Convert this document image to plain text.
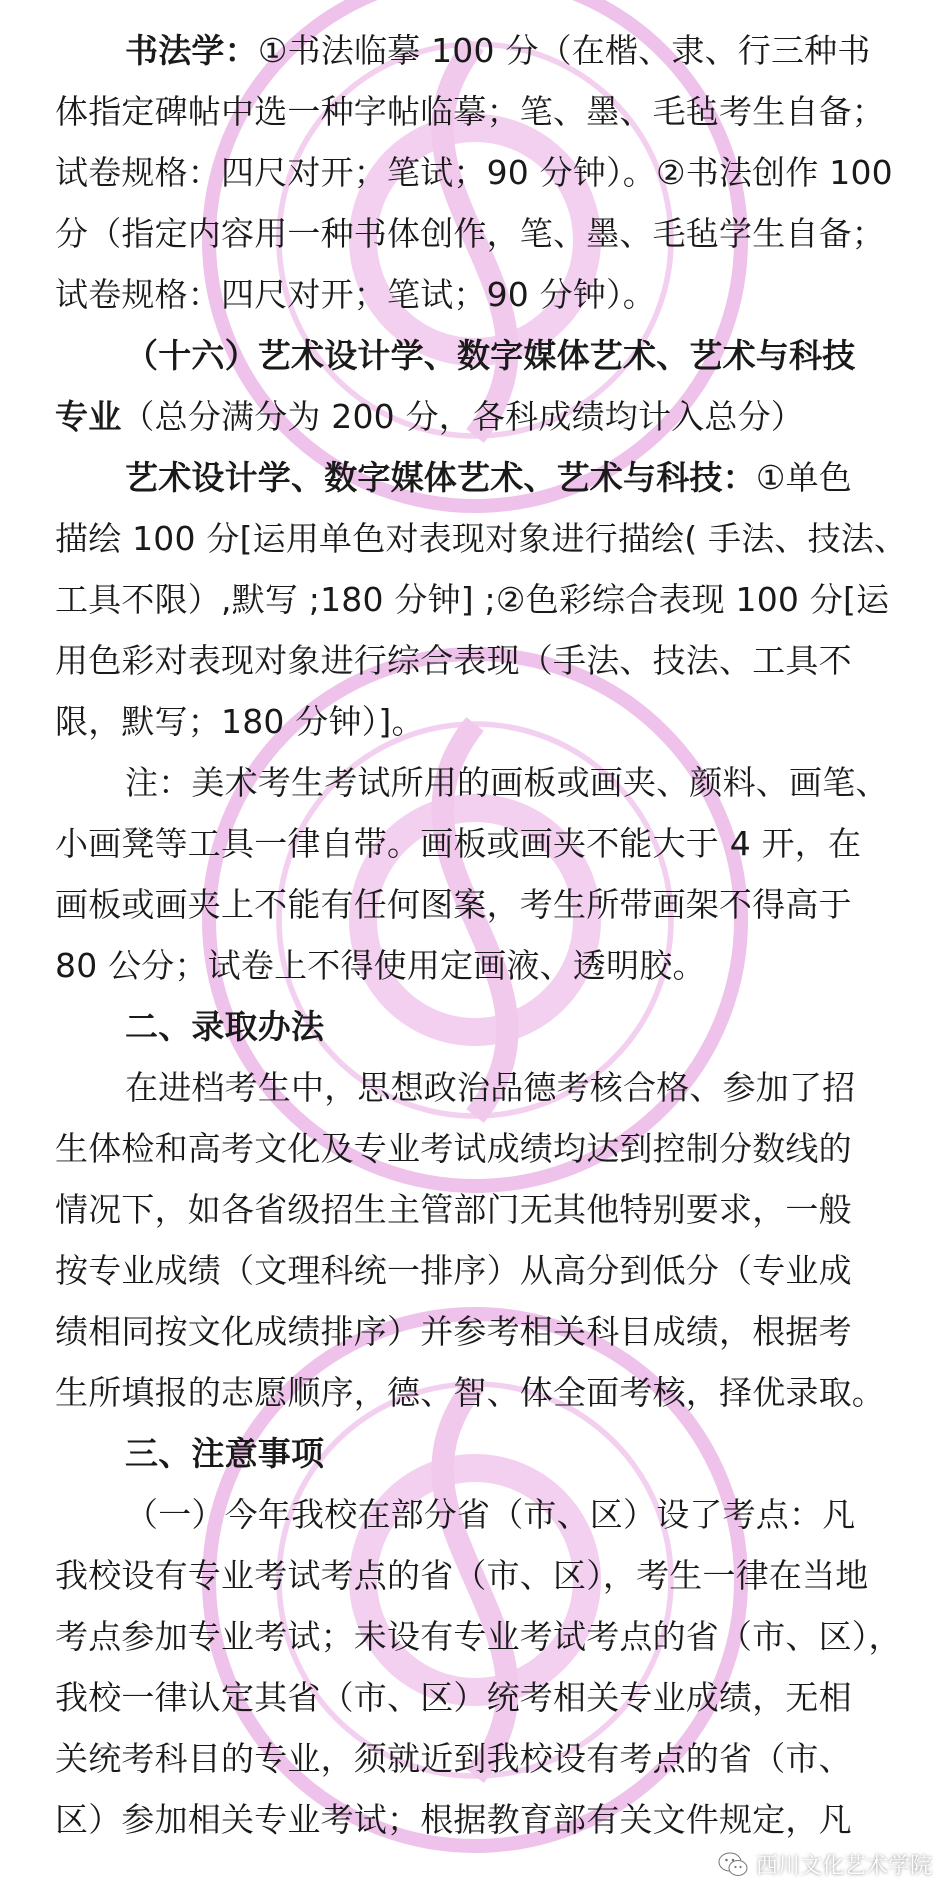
书法学：①书法临摹 100 分（在楷、隶、行三种书
体指定碑帖中选一种字帖临摹；笔、墨、毛毡考生自备；
试卷规格：四尺对开；笔试；90 分钟）。②书法创作 100
分（指定内容用一种书体创作，笔、墨、毛毡学生自备；
试卷规格：四尺对开；笔试；90 分钟）。
（十六）艺术设计学、数字媒体艺术、艺术与科技
专业（总分满分为 200 分，各科成绩均计入总分）
艺术设计学、数字媒体艺术、艺术与科技：①单色
描绘 100 分[运用单色对表现对象进行描绘( 手法、技法、
工具不限）,默写 ;180 分钟] ;②色彩综合表现 100 分[运
用色彩对表现对象进行综合表现（手法、技法、工具不
限，默写；180 分钟）]。
注：美术考生考试所用的画板或画夹、颜料、画笔、
小画凳等工具一律自带。画板或画夹不能大于 4 开，在
画板或画夹上不能有任何图案，考生所带画架不得高于
80 公分；试卷上不得使用定画液、透明胶。
二、录取办法
在进档考生中，思想政治品德考核合格、参加了招
生体检和高考文化及专业考试成绩均达到控制分数线的
情况下，如各省级招生主管部门无其他特别要求，一般
按专业成绩（文理科统一排序）从高分到低分（专业成
绩相同按文化成绩排序）并参考相关科目成绩，根据考
生所填报的志愿顺序，德、智、体全面考核，择优录取。
三、注意事项
（一）今年我校在部分省（市、区）设了考点：凡
我校设有专业考试考点的省（市、区），考生一律在当地
考点参加专业考试；未设有专业考试考点的省（市、区），
我校一律认定其省（市、区）统考相关专业成绩，无相
关统考科目的专业，须就近到我校设有考点的省（市、
区）参加相关专业考试；根据教育部有关文件规定，凡
西川文化艺术学院
